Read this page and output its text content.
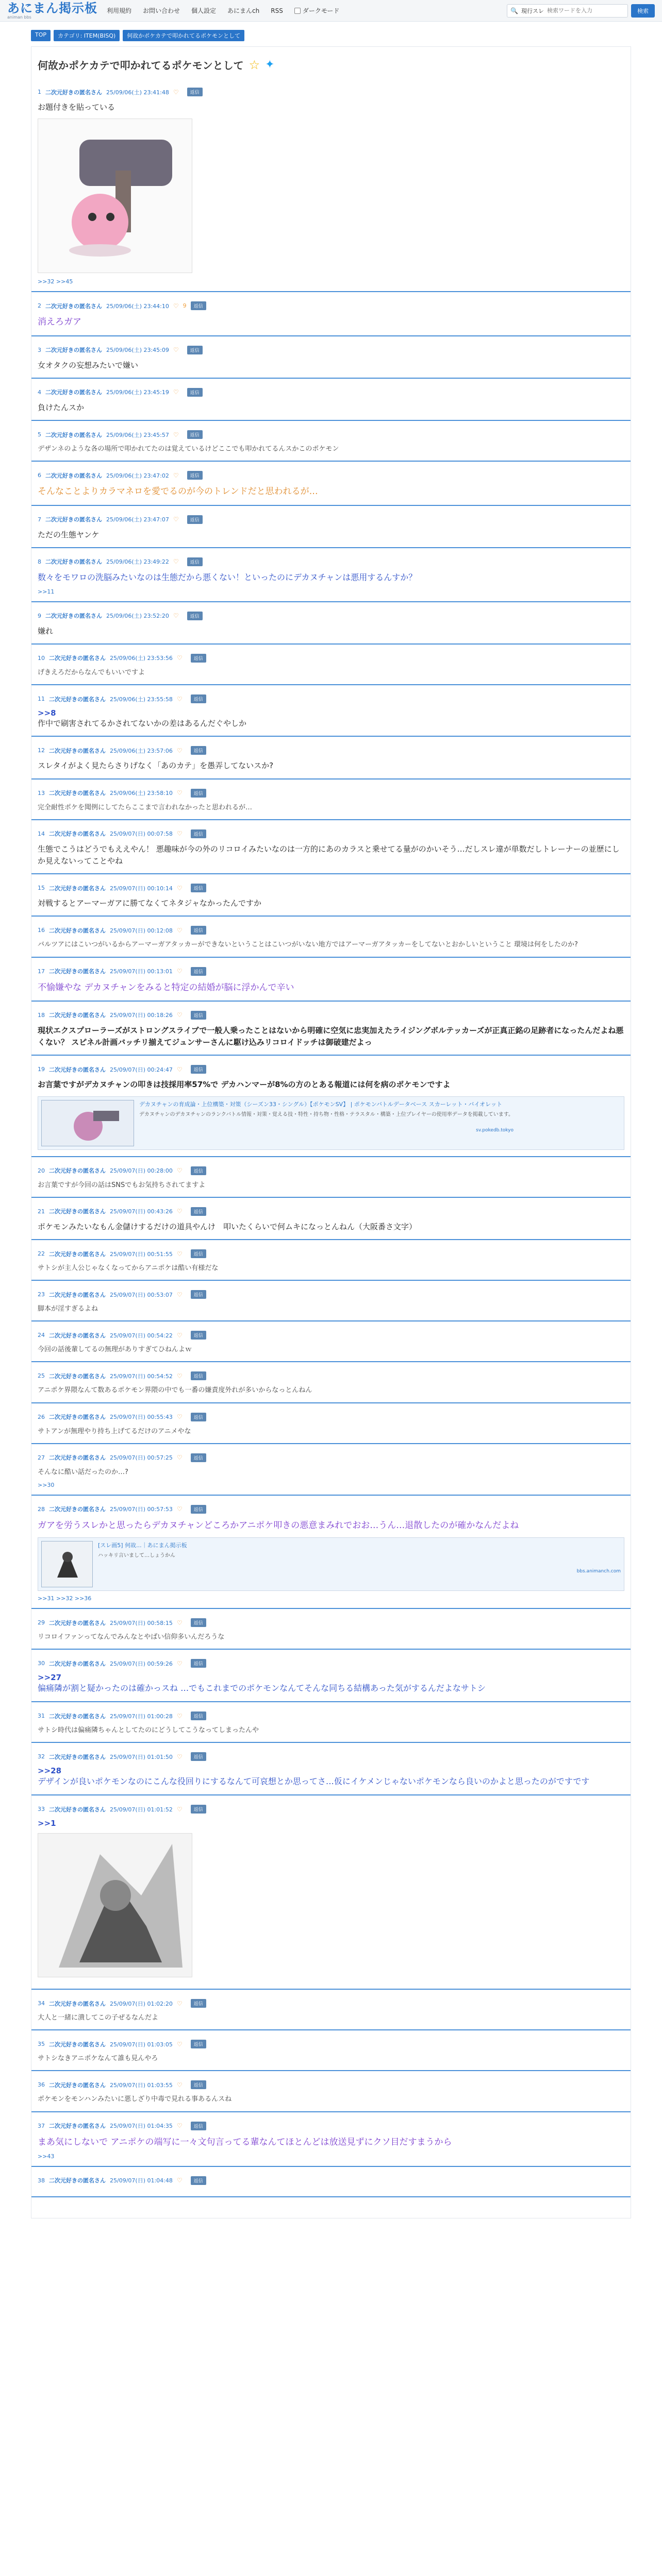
あにまん掲示板
animan bbs
利用規約 お問い合わせ 個人設定 あにまんch RSS	ダークモード	🔍 現行スレ
検索ワードを入力	検索
TOP	カテゴリ: ITEM(BISQ)	何故かポケカテで叩かれてるポケモンとして
何故かポケカテで叩かれてるポケモンとして ☆ ✦
1 二次元好きの匿名さん 25/09/06(土) 23:41:48 ♡	返信
お題付きを貼っている
>>32 >>45
2 二次元好きの匿名さん 25/09/06(土) 23:44:10 ♡ 9	返信
消えろガア
3 二次元好きの匿名さん 25/09/06(土) 23:45:09 ♡	返信
女オタクの妄想みたいで嫌い
4 二次元好きの匿名さん 25/09/06(土) 23:45:19 ♡	返信
負けたんスか
5 二次元好きの匿名さん 25/09/06(土) 23:45:57 ♡	返信
デザンネのような各の場所で叩かれてたのは覚えているけどここでも叩かれてるんスかこのポケモン
6 二次元好きの匿名さん 25/09/06(土) 23:47:02 ♡	返信
そんなことよりカラマネロを愛でるのが今のトレンドだと思われるが…
7 二次元好きの匿名さん 25/09/06(土) 23:47:07 ♡	返信
ただの生態ヤンケ
8 二次元好きの匿名さん 25/09/06(土) 23:49:22 ♡	返信
数々をモワロの洗脳みたいなのは生態だから悪くない！といったのにデカヌチャンは悪用するんすか？
>>11
9 二次元好きの匿名さん 25/09/06(土) 23:52:20 ♡	返信
嫌れ
10 二次元好きの匿名さん 25/09/06(土) 23:53:56 ♡	返信
げきえろだからなんでもいいですよ
11 二次元好きの匿名さん 25/09/06(土) 23:55:58 ♡	返信
>>8
作中で刷害されてるかされてないかの差はあるんだぐやしか
12 二次元好きの匿名さん 25/09/06(土) 23:57:06 ♡	返信
スレタイがよく見たらさりげなく「あのカテ」を愚弄してないスか?
13 二次元好きの匿名さん 25/09/06(土) 23:58:10 ♡	返信
完全耐性ポケを聞例にしてたらここまで言われなかったと思われるが…
14 二次元好きの匿名さん 25/09/07(日) 00:07:58 ♡	返信
生態でこうはどうでもええやん！ 悪趣味が今の外のリコロイみたいなのは一方的にあのカラスと乗せてる量がのかいそう…だしスレ違が単数だしトレーナーの並歴にしか見えないってことやね
15 二次元好きの匿名さん 25/09/07(日) 00:10:14 ♡	返信
対戦するとアーマーガアに勝てなくてネタジャなかったんですか
16 二次元好きの匿名さん 25/09/07(日) 00:12:08 ♡	返信
バルツアにはこいつがいるからアーマーガアタッカーができないということはこいつがいない地方ではアーマーガアタッカーをしてないとおかしいということ 環境は何をしたのか?
17 二次元好きの匿名さん 25/09/07(日) 00:13:01 ♡	返信
不愉嫌やな デカヌチャンをみると特定の結婚が脳に浮かんで辛い
18 二次元好きの匿名さん 25/09/07(日) 00:18:26 ♡	返信
現状エクスプローラーズがストロングスライブで一般人乗ったことはないから明確に空気に忠実加えたライジングボルテッカーズが正真正銘の足跡者になったんだよね悪くない？ スピネル計画バッチリ揃えてジュンサーさんに駆け込みリコロイドッチは御破建だよっ
19 二次元好きの匿名さん 25/09/07(日) 00:24:47 ♡	返信
お言葉ですがデカヌチャンの叩きは技採用率57%で デカハンマーが8%の方のとある報道には何を病のポケモンですよ
デカヌチャンの育成論・上位構築・対策（シーズン33・シングル）【ポケモンSV】 | ポケモンバトルデータベース スカーレット・バイオレット
デカヌチャンのデカヌチャンのランクバトル情報・対策・覚える技・特性・持ち物・性格・テラスタル・構築・上位プレイヤーの使用率データを掲載しています。
sv.pokedb.tokyo
20 二次元好きの匿名さん 25/09/07(日) 00:28:00 ♡	返信
お言葉ですが今回の話はSNSでもお気持ちされてますよ
21 二次元好きの匿名さん 25/09/07(日) 00:43:26 ♡	返信
ポケモンみたいなもん金儲けするだけの道具やんけ　叩いたくらいで何ムキになっとんねん（大阪番さ文字）
22 二次元好きの匿名さん 25/09/07(日) 00:51:55 ♡	返信
サトシが主人公じゃなくなってからアニポケは酷い有様だな
23 二次元好きの匿名さん 25/09/07(日) 00:53:07 ♡	返信
脚本が淫すぎるよね
24 二次元好きの匿名さん 25/09/07(日) 00:54:22 ♡	返信
今回の話後輩してるの無理がありすぎてひねんよｗ
25 二次元好きの匿名さん 25/09/07(日) 00:54:52 ♡	返信
アニポケ界隈なんて数あるポケモン界隈の中でも一番の嫌責度外れが多いからなっとんねん
26 二次元好きの匿名さん 25/09/07(日) 00:55:43 ♡	返信
サトアンが無理やり持ち上げてるだけのアニメやな
27 二次元好きの匿名さん 25/09/07(日) 00:57:25 ♡	返信
そんなに酷い話だったのか…?
>>30
28 二次元好きの匿名さん 25/09/07(日) 00:57:53 ♡	返信
ガアを労うスレかと思ったらデカヌチャンどころかアニポケ叩きの悪意まみれでおお…うん…退散したのが確かなんだよね
[スレ画5] 何故...｜あにまん掲示板
ハッキリ言いまして…しょうかん
bbs.animanch.com
>>31 >>32 >>36
29 二次元好きの匿名さん 25/09/07(日) 00:58:15 ♡	返信
リコロイファンってなんでみんなとやばい信仰多いんだろうな
30 二次元好きの匿名さん 25/09/07(日) 00:59:26 ♡	返信
>>27
偏痛隣が割と疑かったのは確かっスね …でもこれまでのポケモンなんてそんな同ちる結構あった気がするんだよなサトシ
31 二次元好きの匿名さん 25/09/07(日) 01:00:28 ♡	返信
サトシ時代は偏痛隣ちゃんとしてたのにどうしてこうなってしまったんや
32 二次元好きの匿名さん 25/09/07(日) 01:01:50 ♡	返信
>>28
デザインが良いポケモンなのにこんな役回りにするなんて可哀想とか思ってさ…仮にイケメンじゃないポケモンなら良いのかよと思ったのがですです
33 二次元好きの匿名さん 25/09/07(日) 01:01:52 ♡	返信
>>1
34 二次元好きの匿名さん 25/09/07(日) 01:02:20 ♡	返信
大人と一緒に潰してこの子ぜるなんだよ
35 二次元好きの匿名さん 25/09/07(日) 01:03:05 ♡	返信
サトシなきアニポケなんて誰も見んやろ
36 二次元好きの匿名さん 25/09/07(日) 01:03:55 ♡	返信
ポケモンをモンハンみたいに悪しざり中毒で見れる事あるんスね
37 二次元好きの匿名さん 25/09/07(日) 01:04:35 ♡	返信
まあ気にしないで アニポケの端写に一々文句言ってる輩なんてほとんどは放送見ずにクソ目だすまうから
>>43
38 二次元好きの匿名さん 25/09/07(日) 01:04:48 ♡	返信
